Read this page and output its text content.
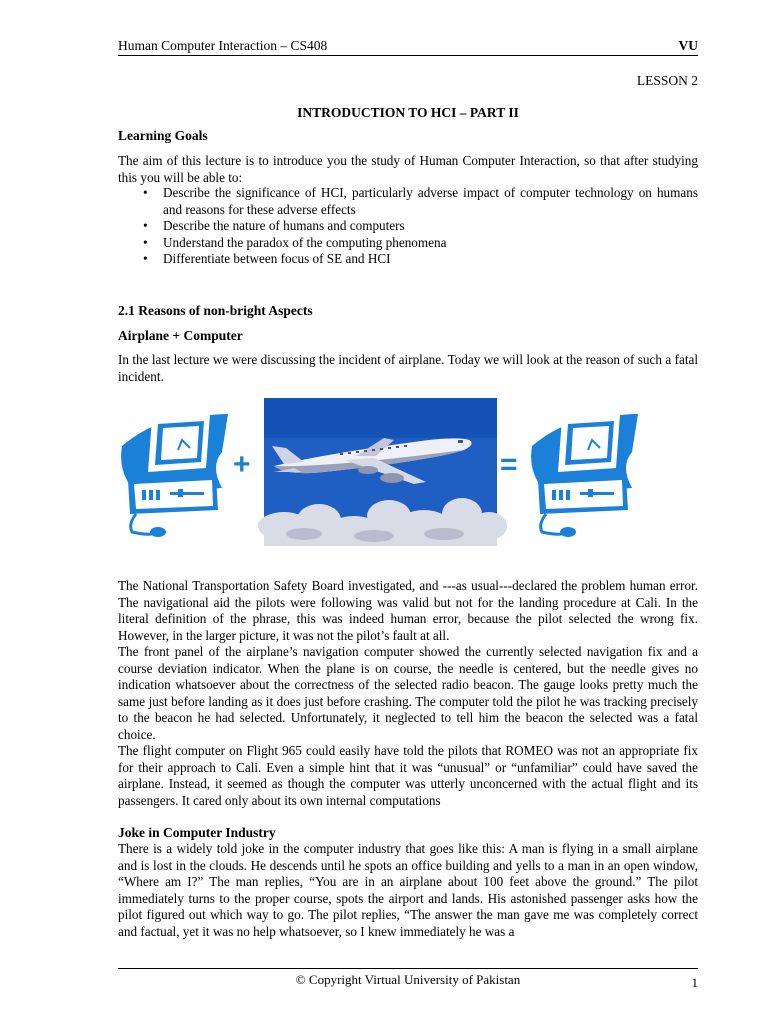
Human Computer Interaction – CS408	VU
LESSON 2
INTRODUCTION TO HCI – PART II
Learning Goals
The aim of this lecture is to introduce you the study of Human Computer Interaction, so that after studying this you will be able to:
• Describe the significance of HCI, particularly adverse impact of computer technology on humans and reasons for these adverse effects
• Describe the nature of humans and computers
• Understand the paradox of the computing phenomena
• Differentiate between focus of SE and HCI
2.1 Reasons of non-bright Aspects
Airplane + Computer
In the last lecture we were discussing the incident of airplane. Today we will look at the reason of such a fatal incident.
+	=
The National Transportation Safety Board investigated, and ---as usual---declared the problem human error. The navigational aid the pilots were following was valid but not for the landing procedure at Cali. In the literal definition of the phrase, this was indeed human error, because the pilot selected the wrong fix. However, in the larger picture, it was not the pilot’s fault at all.
The front panel of the airplane’s navigation computer showed the currently selected navigation fix and a course deviation indicator. When the plane is on course, the needle is centered, but the needle gives no indication whatsoever about the correctness of the selected radio beacon. The gauge looks pretty much the same just before landing as it does just before crashing. The computer told the pilot he was tracking precisely to the beacon he had selected. Unfortunately, it neglected to tell him the beacon the selected was a fatal choice.
The flight computer on Flight 965 could easily have told the pilots that ROMEO was not an appropriate fix for their approach to Cali. Even a simple hint that it was “unusual” or “unfamiliar” could have saved the airplane. Instead, it seemed as though the computer was utterly unconcerned with the actual flight and its passengers. It cared only about its own internal computations
Joke in Computer Industry
There is a widely told joke in the computer industry that goes like this: A man is flying in a small airplane and is lost in the clouds. He descends until he spots an office building and yells to a man in an open window, “Where am I?” The man replies, “You are in an airplane about 100 feet above the ground.” The pilot immediately turns to the proper course, spots the airport and lands. His astonished passenger asks how the pilot figured out which way to go. The pilot replies, “The answer the man gave me was completely correct and factual, yet it was no help whatsoever, so I knew immediately he was a
© Copyright Virtual University of Pakistan	1
